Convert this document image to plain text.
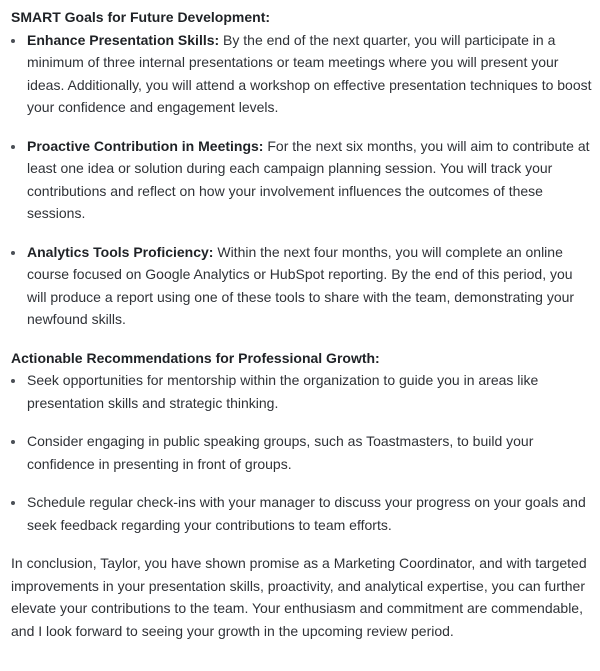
SMART Goals for Future Development:

Enhance Presentation Skills: By the end of the next quarter, you will participate in a minimum of three internal presentations or team meetings where you will present your ideas. Additionally, you will attend a workshop on effective presentation techniques to boost your confidence and engagement levels.
Proactive Contribution in Meetings: For the next six months, you will aim to contribute at least one idea or solution during each campaign planning session. You will track your contributions and reflect on how your involvement influences the outcomes of these sessions.
Analytics Tools Proficiency: Within the next four months, you will complete an online course focused on Google Analytics or HubSpot reporting. By the end of this period, you will produce a report using one of these tools to share with the team, demonstrating your newfound skills.

Actionable Recommendations for Professional Growth:

Seek opportunities for mentorship within the organization to guide you in areas like presentation skills and strategic thinking.
Consider engaging in public speaking groups, such as Toastmasters, to build your confidence in presenting in front of groups.
Schedule regular check-ins with your manager to discuss your progress on your goals and seek feedback regarding your contributions to team efforts.

In conclusion, Taylor, you have shown promise as a Marketing Coordinator, and with targeted improvements in your presentation skills, proactivity, and analytical expertise, you can further elevate your contributions to the team. Your enthusiasm and commitment are commendable, and I look forward to seeing your growth in the upcoming review period.
